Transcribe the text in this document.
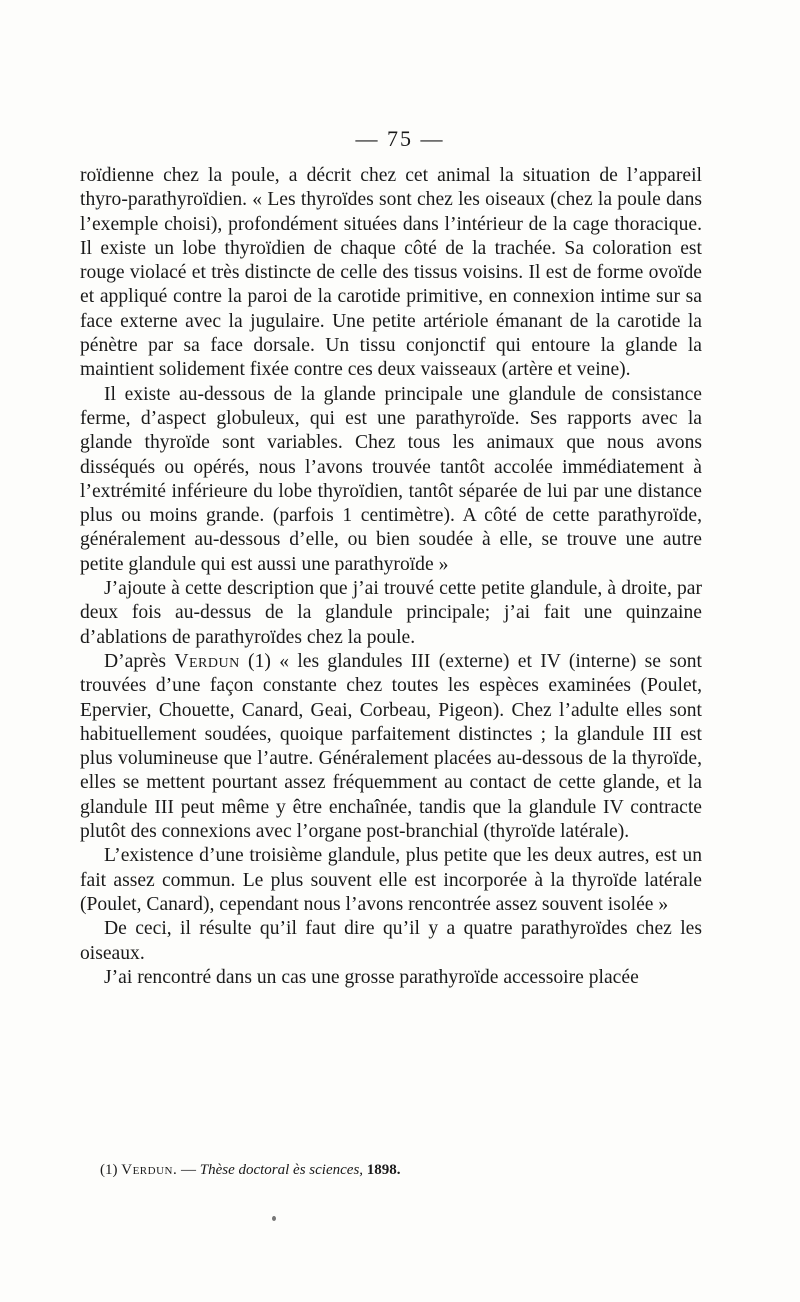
— 75 —

roïdienne chez la poule, a décrit chez cet animal la situation de l’appareil thyro-parathyroïdien. « Les thyroïdes sont chez les oiseaux (chez la poule dans l’exemple choisi), profondément situées dans l’intérieur de la cage thoracique. Il existe un lobe thyroïdien de chaque côté de la trachée. Sa coloration est rouge violacé et très distincte de celle des tissus voisins. Il est de forme ovoïde et appliqué contre la paroi de la carotide primitive, en connexion intime sur sa face externe avec la jugulaire. Une petite artériole émanant de la carotide la pénètre par sa face dorsale. Un tissu conjonctif qui entoure la glande la maintient solidement fixée contre ces deux vaisseaux (artère et veine).

Il existe au-dessous de la glande principale une glandule de consistance ferme, d’aspect globuleux, qui est une parathyroïde. Ses rapports avec la glande thyroïde sont variables. Chez tous les animaux que nous avons disséqués ou opérés, nous l’avons trouvée tantôt accolée immédiatement à l’extrémité inférieure du lobe thyroïdien, tantôt séparée de lui par une distance plus ou moins grande. (parfois 1 centimètre). A côté de cette parathyroïde, généralement au-dessous d’elle, ou bien soudée à elle, se trouve une autre petite glandule qui est aussi une parathyroïde »

J’ajoute à cette description que j’ai trouvé cette petite glandule, à droite, par deux fois au-dessus de la glandule principale; j’ai fait une quinzaine d’ablations de parathyroïdes chez la poule.

D’après Verdun (1) « les glandules III (externe) et IV (interne) se sont trouvées d’une façon constante chez toutes les espèces examinées (Poulet, Epervier, Chouette, Canard, Geai, Corbeau, Pigeon). Chez l’adulte elles sont habituellement soudées, quoique parfaitement distinctes ; la glandule III est plus volumineuse que l’autre. Généralement placées au-dessous de la thyroïde, elles se mettent pourtant assez fréquemment au contact de cette glande, et la glandule III peut même y être enchaînée, tandis que la glandule IV contracte plutôt des connexions avec l’organe post-branchial (thyroïde latérale).

L’existence d’une troisième glandule, plus petite que les deux autres, est un fait assez commun. Le plus souvent elle est incorporée à la thyroïde latérale (Poulet, Canard), cependant nous l’avons rencontrée assez souvent isolée »

De ceci, il résulte qu’il faut dire qu’il y a quatre parathyroïdes chez les oiseaux.

J’ai rencontré dans un cas une grosse parathyroïde accessoire placée

(1) Verdun. — Thèse doctoral ès sciences, 1898.
